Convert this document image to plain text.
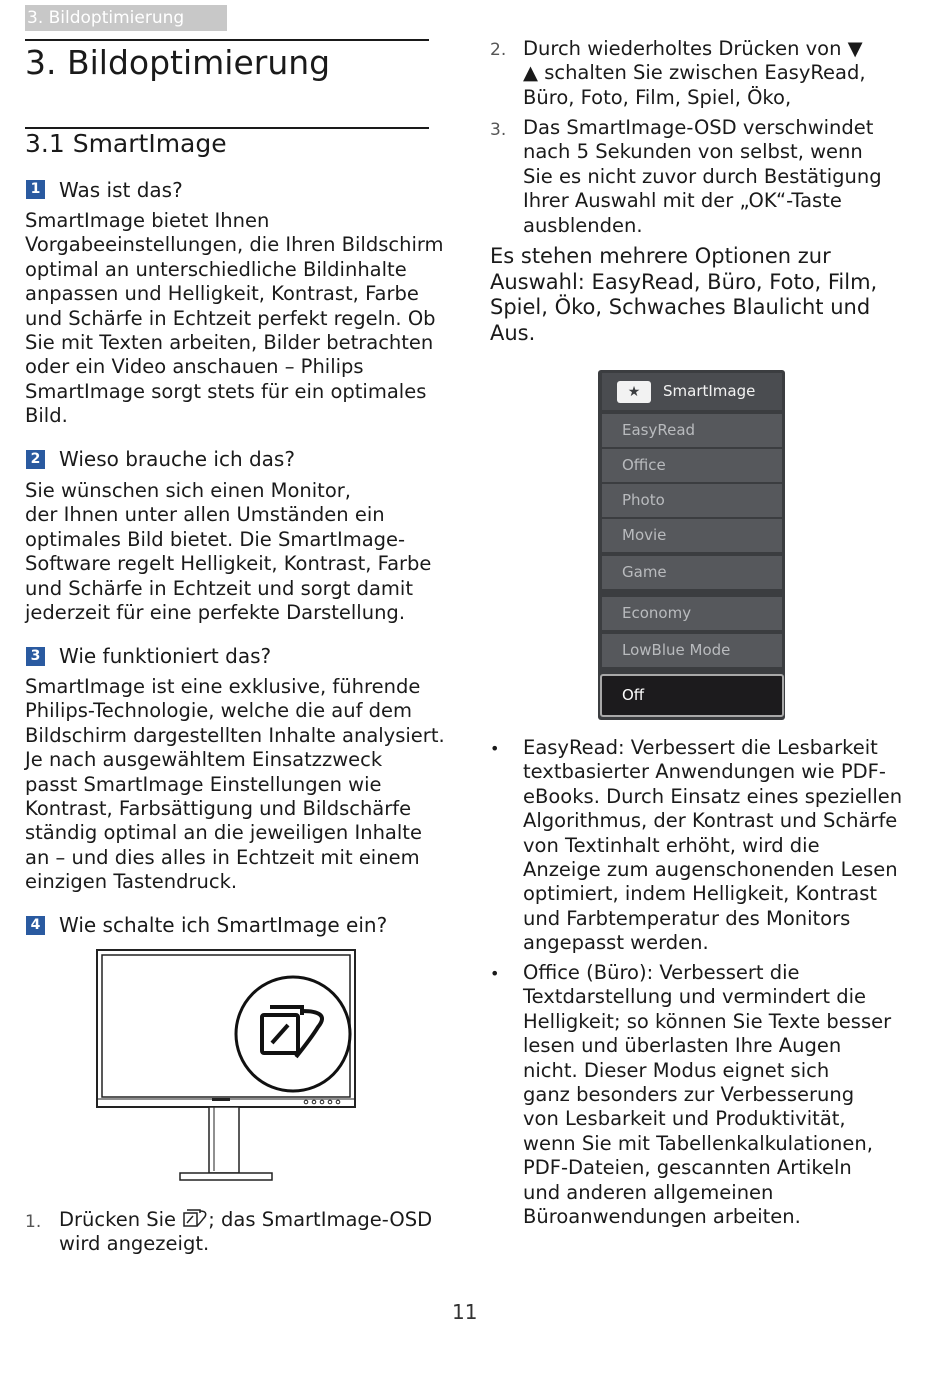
3. Bildoptimierung
3. Bildoptimierung
3.1 SmartImage
1 Was ist das?
SmartImage bietet Ihnen
Vorgabeeinstellungen, die Ihren Bildschirm
optimal an unterschiedliche Bildinhalte
anpassen und Helligkeit, Kontrast, Farbe
und Schärfe in Echtzeit perfekt regeln. Ob
Sie mit Texten arbeiten, Bilder betrachten
oder ein Video anschauen – Philips
SmartImage sorgt stets für ein optimales
Bild.
2 Wieso brauche ich das?
Sie wünschen sich einen Monitor,
der Ihnen unter allen Umständen ein
optimales Bild bietet. Die SmartImage-
Software regelt Helligkeit, Kontrast, Farbe
und Schärfe in Echtzeit und sorgt damit
jederzeit für eine perfekte Darstellung.
3 Wie funktioniert das?
SmartImage ist eine exklusive, führende
Philips-Technologie, welche die auf dem
Bildschirm dargestellten Inhalte analysiert.
Je nach ausgewähltem Einsatzzweck
passt SmartImage Einstellungen wie
Kontrast, Farbsättigung und Bildschärfe
ständig optimal an die jeweiligen Inhalte
an – und dies alles in Echtzeit mit einem
einzigen Tastendruck.
4 Wie schalte ich SmartImage ein?
1. Drücken Sie ; das SmartImage-OSD
wird angezeigt.
2. Durch wiederholtes Drücken von ▼
▲ schalten Sie zwischen EasyRead,
Büro, Foto, Film, Spiel, Öko,
3. Das SmartImage-OSD verschwindet
nach 5 Sekunden von selbst, wenn
Sie es nicht zuvor durch Bestätigung
Ihrer Auswahl mit der „OK“-Taste
ausblenden.
Es stehen mehrere Optionen zur
Auswahl: EasyRead, Büro, Foto, Film,
Spiel, Öko, Schwaches Blaulicht und
Aus.
★	SmartImage
EasyRead
Office
Photo
Movie
Game
Economy
LowBlue Mode
Off
• EasyRead: Verbessert die Lesbarkeit
textbasierter Anwendungen wie PDF-
eBooks. Durch Einsatz eines speziellen
Algorithmus, der Kontrast und Schärfe
von Textinhalt erhöht, wird die
Anzeige zum augenschonenden Lesen
optimiert, indem Helligkeit, Kontrast
und Farbtemperatur des Monitors
angepasst werden.
• Office (Büro): Verbessert die
Textdarstellung und vermindert die
Helligkeit; so können Sie Texte besser
lesen und überlasten Ihre Augen
nicht. Dieser Modus eignet sich
ganz besonders zur Verbesserung
von Lesbarkeit und Produktivität,
wenn Sie mit Tabellenkalkulationen,
PDF-Dateien, gescannten Artikeln
und anderen allgemeinen
Büroanwendungen arbeiten.
11
